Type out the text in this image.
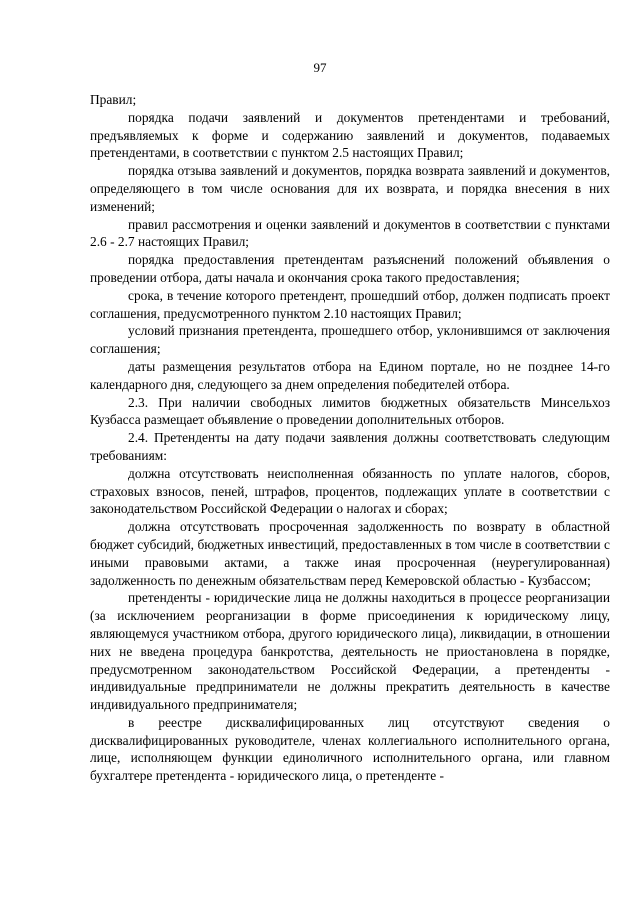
97

Правил;

порядка подачи заявлений и документов претендентами и требований, предъявляемых к форме и содержанию заявлений и документов, подаваемых претендентами, в соответствии с пунктом 2.5 настоящих Правил;

порядка отзыва заявлений и документов, порядка возврата заявлений и документов, определяющего в том числе основания для их возврата, и порядка внесения в них изменений;

правил рассмотрения и оценки заявлений и документов в соответствии с пунктами 2.6 - 2.7 настоящих Правил;

порядка предоставления претендентам разъяснений положений объявления о проведении отбора, даты начала и окончания срока такого предоставления;

срока, в течение которого претендент, прошедший отбор, должен подписать проект соглашения, предусмотренного пунктом 2.10 настоящих Правил;

условий признания претендента, прошедшего отбор, уклонившимся от заключения соглашения;

даты размещения результатов отбора на Едином портале, но не позднее 14-го календарного дня, следующего за днем определения победителей отбора.

2.3. При наличии свободных лимитов бюджетных обязательств Минсельхоз Кузбасса размещает объявление о проведении дополнительных отборов.

2.4. Претенденты на дату подачи заявления должны соответствовать следующим требованиям:

должна отсутствовать неисполненная обязанность по уплате налогов, сборов, страховых взносов, пеней, штрафов, процентов, подлежащих уплате в соответствии с законодательством Российской Федерации о налогах и сборах;

должна отсутствовать просроченная задолженность по возврату в областной бюджет субсидий, бюджетных инвестиций, предоставленных в том числе в соответствии с иными правовыми актами, а также иная просроченная (неурегулированная) задолженность по денежным обязательствам перед Кемеровской областью - Кузбассом;

претенденты - юридические лица не должны находиться в процессе реорганизации (за исключением реорганизации в форме присоединения к юридическому лицу, являющемуся участником отбора, другого юридического лица), ликвидации, в отношении них не введена процедура банкротства, деятельность не приостановлена в порядке, предусмотренном законодательством Российской Федерации, а претенденты - индивидуальные предприниматели не должны прекратить деятельность в качестве индивидуального предпринимателя;

в реестре дисквалифицированных лиц отсутствуют сведения о дисквалифицированных руководителе, членах коллегиального исполнительного органа, лице, исполняющем функции единоличного исполнительного органа, или главном бухгалтере претендента - юридического лица, о претенденте -
